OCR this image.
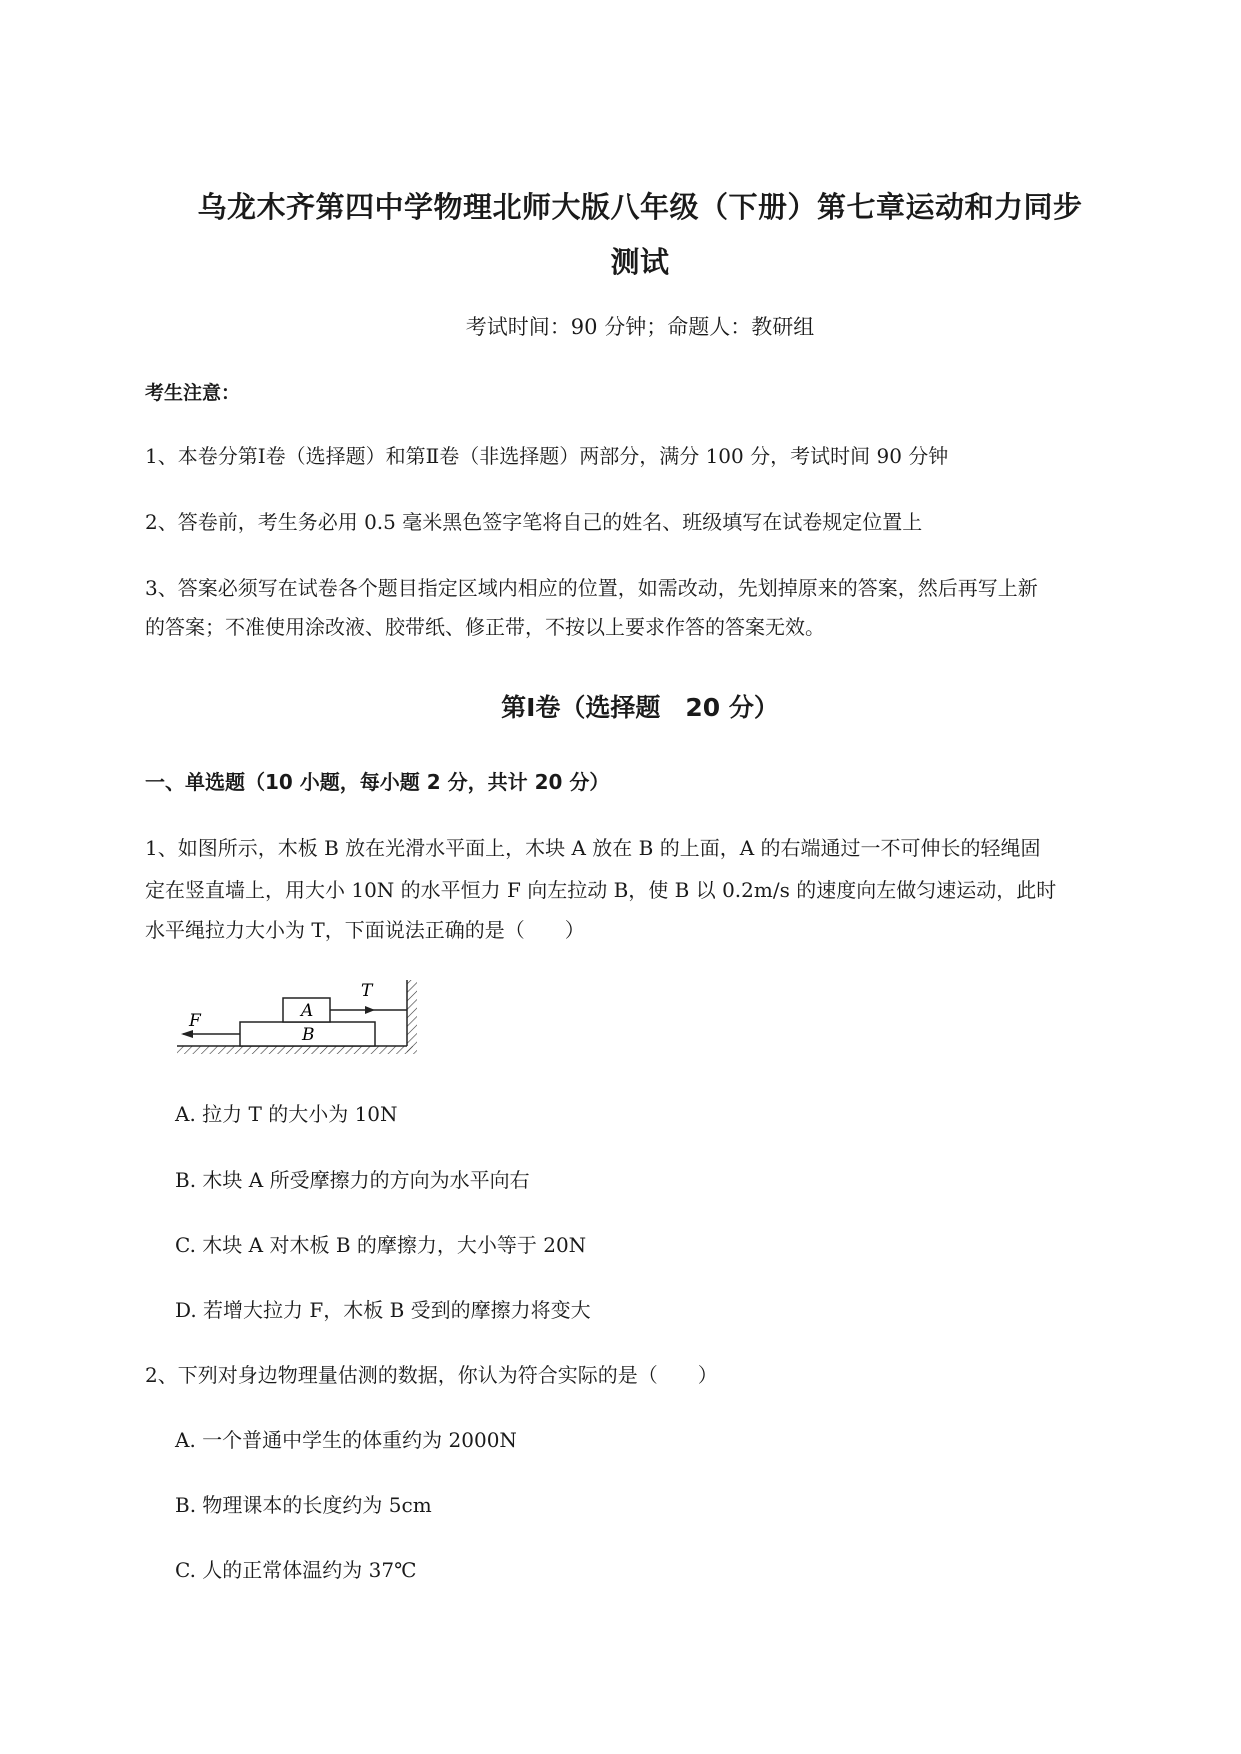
乌龙木齐第四中学物理北师大版八年级（下册）第七章运动和力同步
测试
考试时间：90 分钟；命题人：教研组
考生注意：
1、本卷分第Ⅰ卷（选择题）和第Ⅱ卷（非选择题）两部分，满分 100 分，考试时间 90 分钟
2、答卷前，考生务必用 0.5 毫米黑色签字笔将自己的姓名、班级填写在试卷规定位置上
3、答案必须写在试卷各个题目指定区域内相应的位置，如需改动，先划掉原来的答案，然后再写上新
的答案；不准使用涂改液、胶带纸、修正带，不按以上要求作答的答案无效。
第Ⅰ卷（选择题　20 分）
一、单选题（10 小题，每小题 2 分，共计 20 分）
1、如图所示，木板 B 放在光滑水平面上，木块 A 放在 B 的上面，A 的右端通过一不可伸长的轻绳固
定在竖直墙上，用大小 10N 的水平恒力 F 向左拉动 B，使 B 以 0.2m/s 的速度向左做匀速运动，此时
水平绳拉力大小为 T，下面说法正确的是（　　）
A
B
F
T
A. 拉力 T 的大小为 10N
B. 木块 A 所受摩擦力的方向为水平向右
C. 木块 A 对木板 B 的摩擦力，大小等于 20N
D. 若增大拉力 F，木板 B 受到的摩擦力将变大
2、下列对身边物理量估测的数据，你认为符合实际的是（　　）
A. 一个普通中学生的体重约为 2000N
B. 物理课本的长度约为 5cm
C. 人的正常体温约为 37℃
